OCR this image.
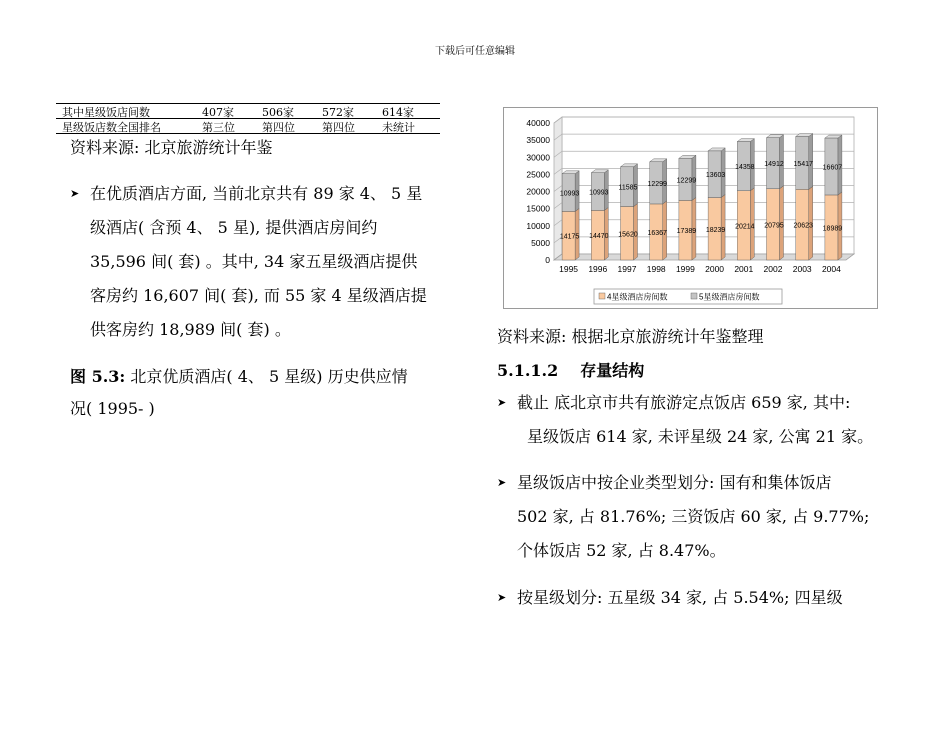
下载后可任意编辑
其中星级饭店间数	407家	506家	572家	614家
星级饭店数全国排名	第三位 第四位 第四位 未统计
资料来源: 北京旅游统计年鉴
➤ 在优质酒店方面, 当前北京共有 89 家 4、 5 星
级酒店( 含预 4、 5 星), 提供酒店房间约
35,596 间( 套) 。其中, 34 家五星级酒店提供
客房约 16,607 间( 套), 而 55 家 4 星级酒店提
供客房约 18,989 间( 套) 。
图 5.3: 北京优质酒店( 4、 5 星级) 历史供应情
况( 1995- )
0
5000
10000
15000
20000
25000
30000
35000
40000
14175
10993
1995
14470
10993
1996
15620
11585
1997
16367
12299
1998
17389
12299
1999
18239
13603
2000
20214
14358
2001
20795
14912
2002
20623
15417
2003
18989
16607
2004
4星级酒店房间数	5星级酒店房间数
资料来源: 根据北京旅游统计年鉴整理
5.1.1.2 存量结构
➤ 截止 底北京市共有旅游定点饭店 659 家, 其中:
星级饭店 614 家, 未评星级 24 家, 公寓 21 家。
➤ 星级饭店中按企业类型划分: 国有和集体饭店
502 家, 占 81.76%; 三资饭店 60 家, 占 9.77%;
个体饭店 52 家, 占 8.47%。
➤ 按星级划分: 五星级 34 家, 占 5.54%; 四星级
